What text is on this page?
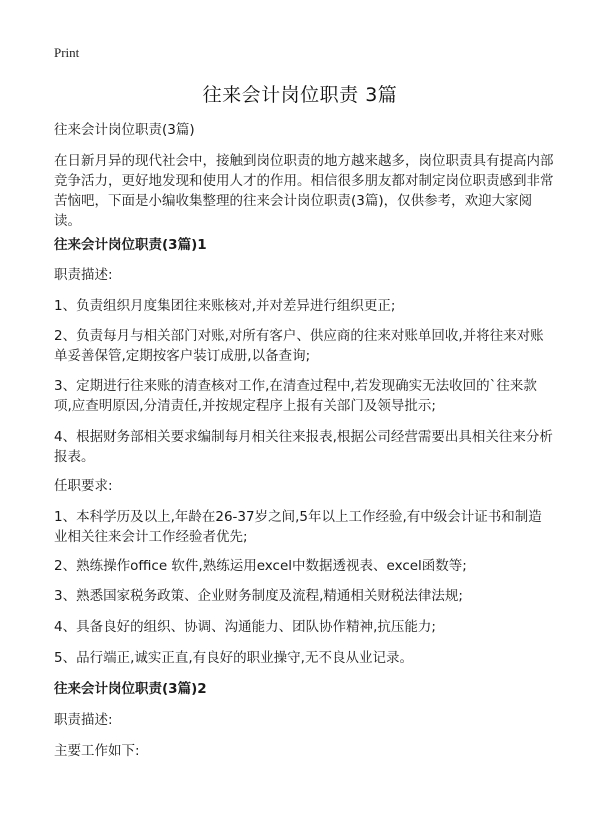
Print
往来会计岗位职责 3篇

往来会计岗位职责(3篇)

在日新月异的现代社会中，接触到岗位职责的地方越来越多，岗位职责具有提高内部竞争活力，更好地发现和使用人才的作用。相信很多朋友都对制定岗位职责感到非常苦恼吧，下面是小编收集整理的往来会计岗位职责(3篇)，仅供参考，欢迎大家阅读。

往来会计岗位职责(3篇)1

职责描述:

1、负责组织月度集团往来账核对,并对差异进行组织更正;

2、负责每月与相关部门对账,对所有客户、供应商的往来对账单回收,并将往来对账单妥善保管,定期按客户装订成册,以备查询;

3、定期进行往来账的清查核对工作,在清查过程中,若发现确实无法收回的`往来款项,应查明原因,分清责任,并按规定程序上报有关部门及领导批示;

4、根据财务部相关要求编制每月相关往来报表,根据公司经营需要出具相关往来分析报表。

任职要求:

1、本科学历及以上,年龄在26-37岁之间,5年以上工作经验,有中级会计证书和制造业相关往来会计工作经验者优先;

2、熟练操作office 软件,熟练运用excel中数据透视表、excel函数等;

3、熟悉国家税务政策、企业财务制度及流程,精通相关财税法律法规;

4、具备良好的组织、协调、沟通能力、团队协作精神,抗压能力;

5、品行端正,诚实正直,有良好的职业操守,无不良从业记录。

往来会计岗位职责(3篇)2

职责描述:

主要工作如下:
